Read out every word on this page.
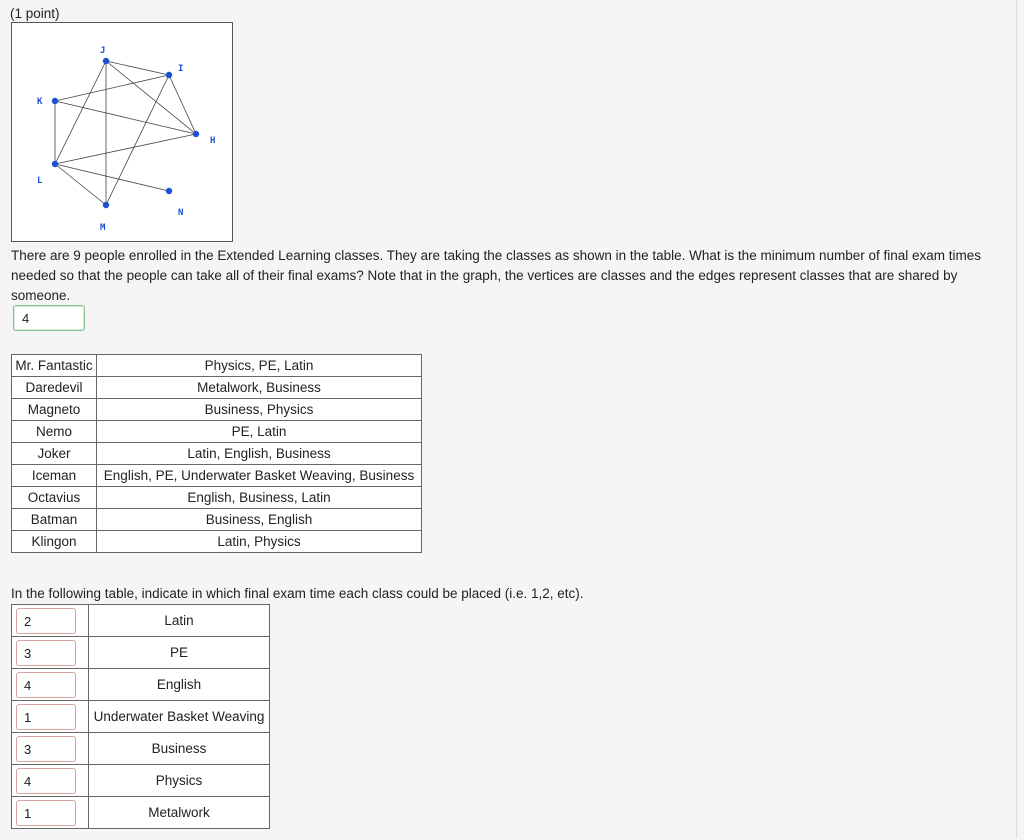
(1 point)
J
I
H
N
M
L
K
There are 9 people enrolled in the Extended Learning classes. They are taking the classes as shown in the table. What is the minimum number of final exam times needed so that the people can take all of their final exams? Note that in the graph, the vertices are classes and the edges represent classes that are shared by someone.
4
Mr. Fantastic	Physics, PE, Latin
Daredevil	Metalwork, Business
Magneto	Business, Physics
Nemo	PE, Latin
Joker	Latin, English, Business
Iceman	English, PE, Underwater Basket Weaving, Business
Octavius	English, Business, Latin
Batman	Business, English
Klingon	Latin, Physics
In the following table, indicate in which final exam time each class could be placed (i.e. 1,2, etc).
2	Latin

3	PE

4	English

1	Underwater Basket Weaving

3	Business

4	Physics

1	Metalwork
